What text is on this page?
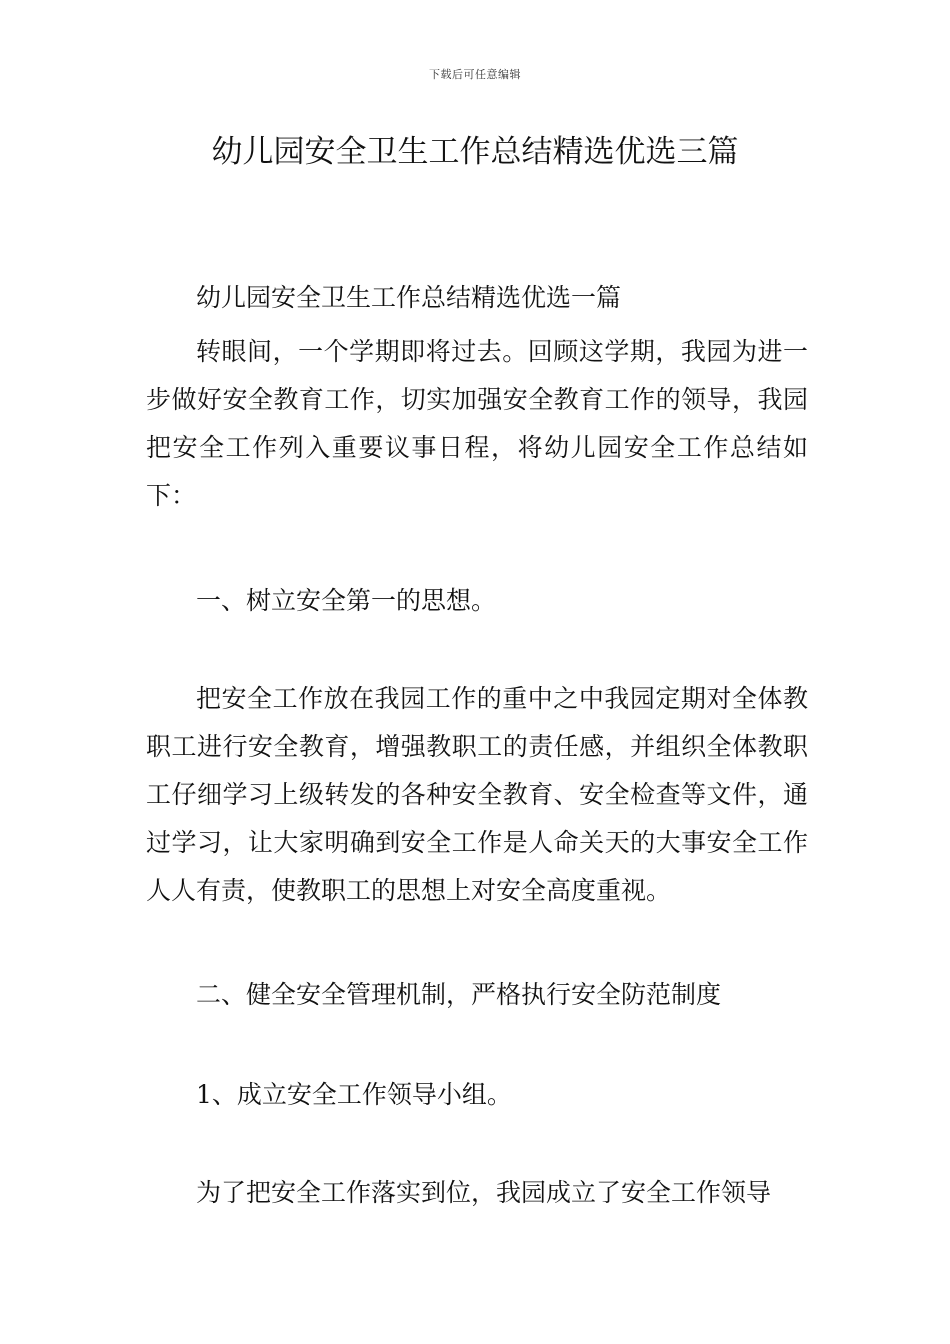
下载后可任意编辑
幼儿园安全卫生工作总结精选优选三篇

幼儿园安全卫生工作总结精选优选一篇

转眼间，一个学期即将过去。回顾这学期，我园为进一步做好安全教育工作，切实加强安全教育工作的领导，我园把安全工作列入重要议事日程，将幼儿园安全工作总结如下：

一、树立安全第一的思想。

把安全工作放在我园工作的重中之中我园定期对全体教职工进行安全教育，增强教职工的责任感，并组织全体教职工仔细学习上级转发的各种安全教育、安全检查等文件，通过学习，让大家明确到安全工作是人命关天的大事安全工作人人有责，使教职工的思想上对安全高度重视。

二、健全安全管理机制，严格执行安全防范制度

1、成立安全工作领导小组。

为了把安全工作落实到位，我园成立了安全工作领导
